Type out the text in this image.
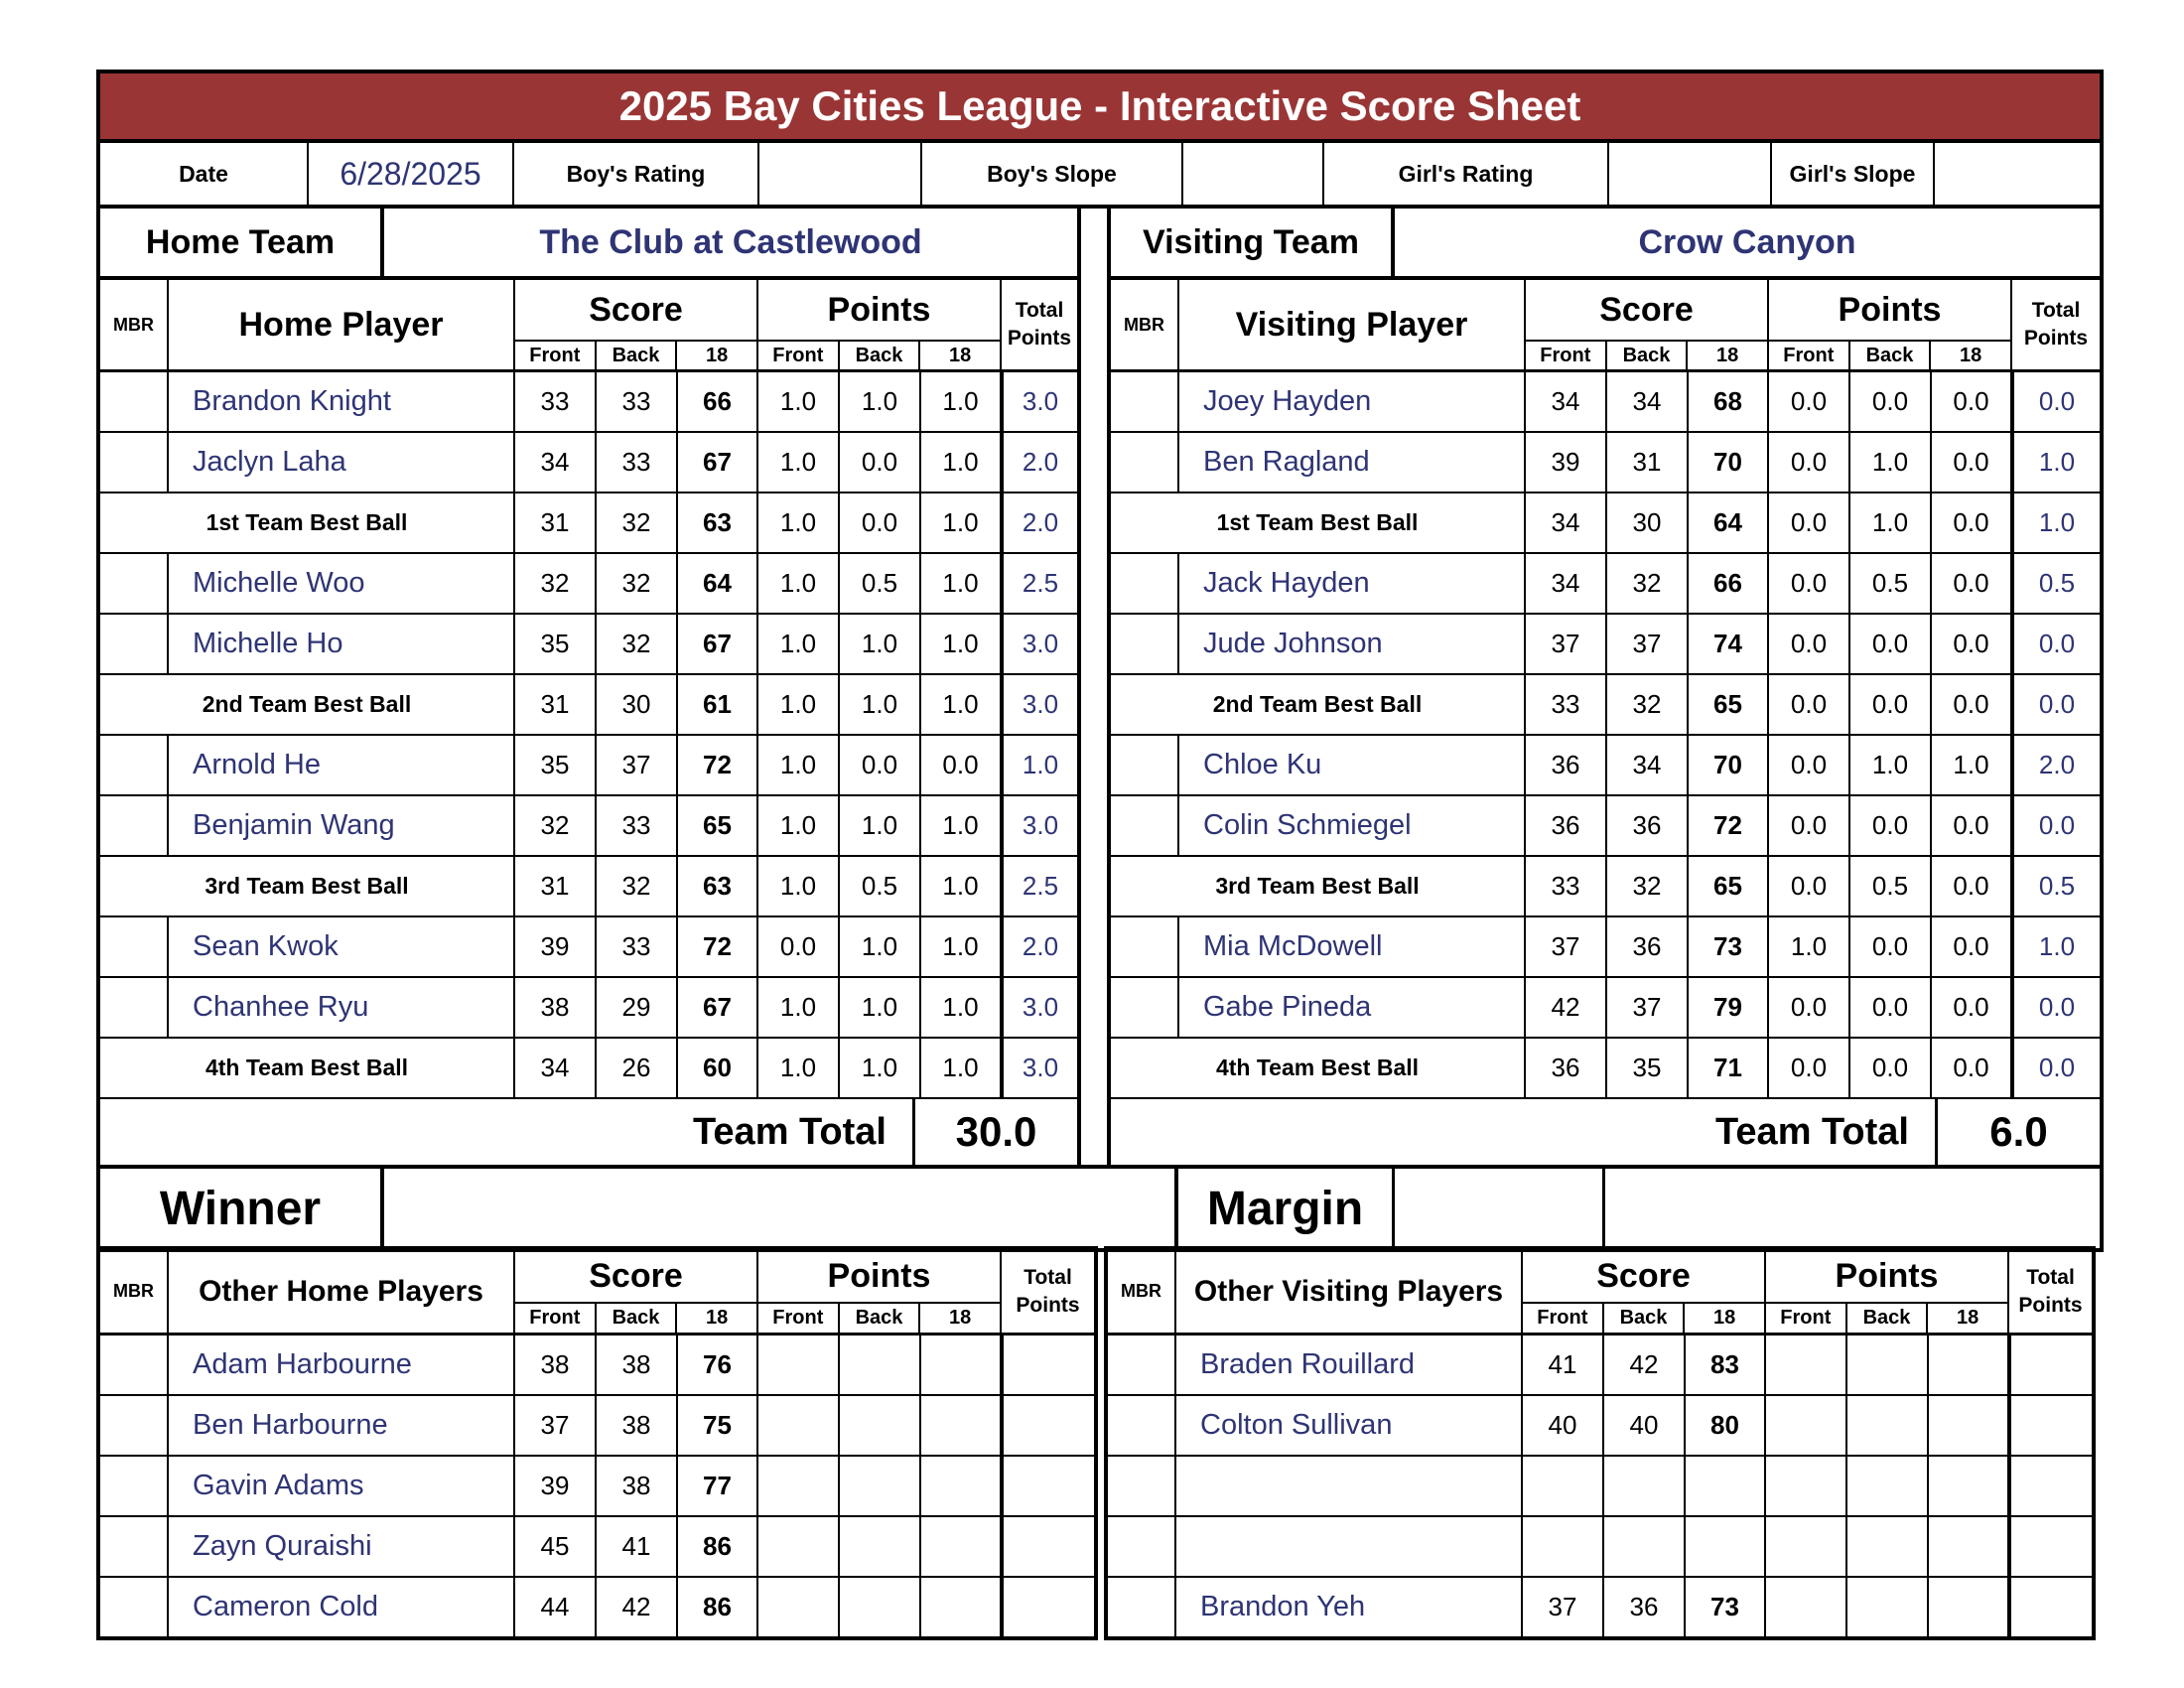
2025 Bay Cities League - Interactive Score Sheet
Date	6/28/2025	Boy's Rating	Boy's Slope	Girl's Rating	Girl's Slope
Home Team	The Club at Castlewood
MBR	Home Player	Score
Front	Back	18
Points
Front	Back	18
Total
Points
Brandon Knight	33	33	66	1.0	1.0	1.0	3.0
Jaclyn Laha	34	33	67	1.0	0.0	1.0	2.0
1st Team Best Ball	31	32	63	1.0	0.0	1.0	2.0
Michelle Woo	32	32	64	1.0	0.5	1.0	2.5
Michelle Ho	35	32	67	1.0	1.0	1.0	3.0
2nd Team Best Ball	31	30	61	1.0	1.0	1.0	3.0
Arnold He	35	37	72	1.0	0.0	0.0	1.0
Benjamin Wang	32	33	65	1.0	1.0	1.0	3.0
3rd Team Best Ball	31	32	63	1.0	0.5	1.0	2.5
Sean Kwok	39	33	72	0.0	1.0	1.0	2.0
Chanhee Ryu	38	29	67	1.0	1.0	1.0	3.0
4th Team Best Ball	34	26	60	1.0	1.0	1.0	3.0
Team Total	30.0
Visiting Team	Crow Canyon
MBR	Visiting Player	Score
Front	Back	18
Points
Front	Back	18
Total
Points
Joey Hayden	34	34	68	0.0	0.0	0.0	0.0
Ben Ragland	39	31	70	0.0	1.0	0.0	1.0
1st Team Best Ball	34	30	64	0.0	1.0	0.0	1.0
Jack Hayden	34	32	66	0.0	0.5	0.0	0.5
Jude Johnson	37	37	74	0.0	0.0	0.0	0.0
2nd Team Best Ball	33	32	65	0.0	0.0	0.0	0.0
Chloe Ku	36	34	70	0.0	1.0	1.0	2.0
Colin Schmiegel	36	36	72	0.0	0.0	0.0	0.0
3rd Team Best Ball	33	32	65	0.0	0.5	0.0	0.5
Mia McDowell	37	36	73	1.0	0.0	0.0	1.0
Gabe Pineda	42	37	79	0.0	0.0	0.0	0.0
4th Team Best Ball	36	35	71	0.0	0.0	0.0	0.0
Team Total	6.0
Winner	Margin
MBR	Other Home Players	Score
Front	Back	18
Points
Front	Back	18
Total
Points
Adam Harbourne	38	38	76
Ben Harbourne	37	38	75
Gavin Adams	39	38	77
Zayn Quraishi	45	41	86
Cameron Cold	44	42	86
MBR	Other Visiting Players	Score
Front	Back	18
Points
Front	Back	18
Total
Points
Braden Rouillard	41	42	83
Colton Sullivan	40	40	80
Brandon Yeh	37	36	73
